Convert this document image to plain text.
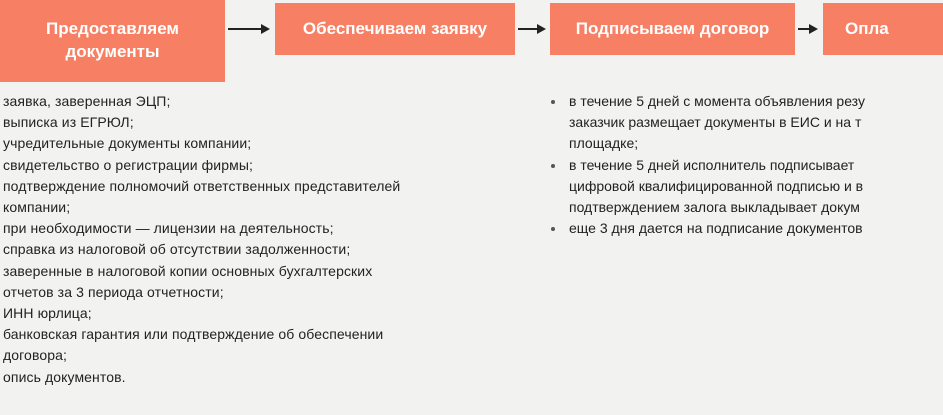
Предоставляем
документы
Обеспечиваем заявку	Подписываем договор	Опла
заявка, заверенная ЭЦП;
выписка из ЕГРЮЛ;
учредительные документы компании;
свидетельство о регистрации фирмы;
подтверждение полномочий ответственных представителей
компании;
при необходимости — лицензии на деятельность;
справка из налоговой об отсутствии задолженности;
заверенные в налоговой копии основных бухгалтерских
отчетов за 3 периода отчетности;
ИНН юрлица;
банковская гарантия или подтверждение об обеспечении
договора;
опись документов.
в течение 5 дней с момента объявления резу
заказчик размещает документы в ЕИС и на т
площадке;
в течение 5 дней исполнитель подписывает
цифровой квалифицированной подписью и в
подтверждением залога выкладывает докум
еще 3 дня дается на подписание документов
